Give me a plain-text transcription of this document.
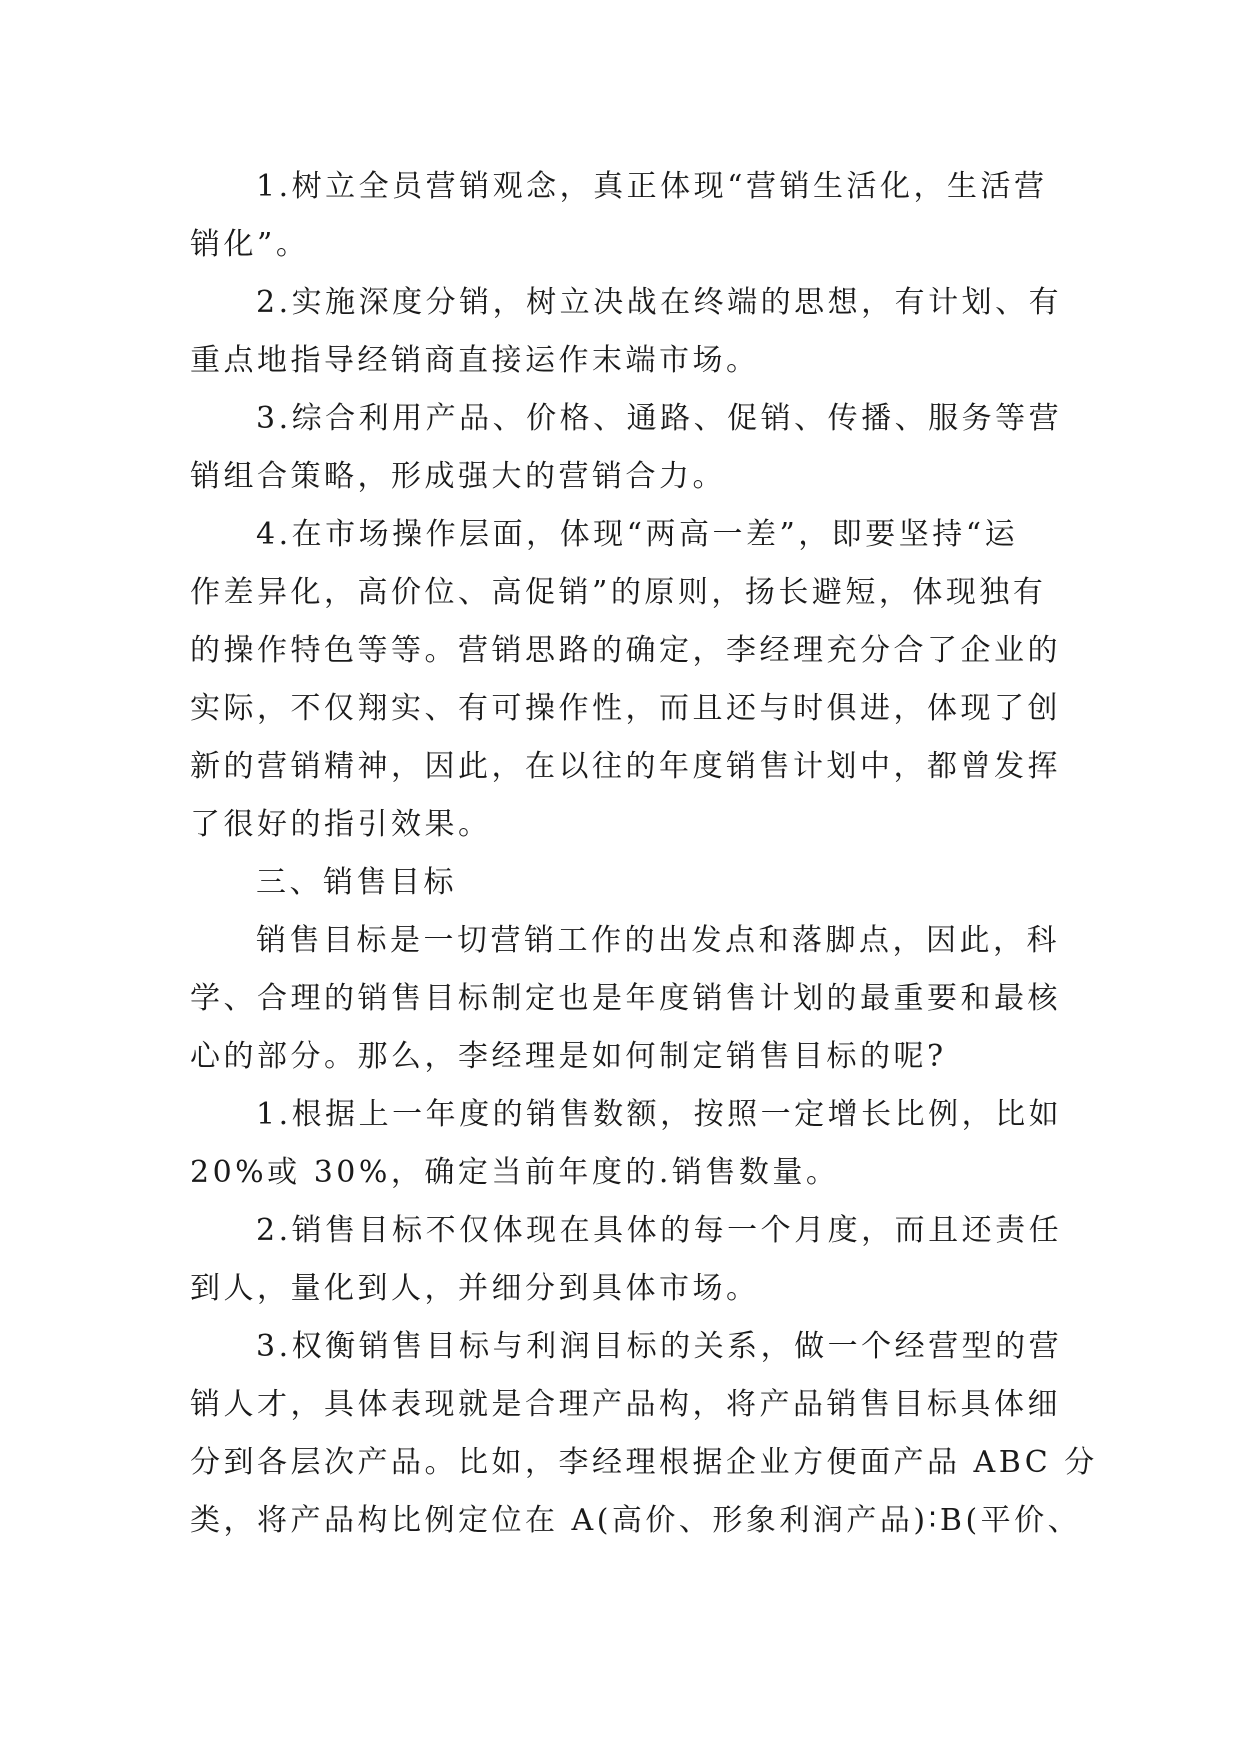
1.树立全员营销观念，真正体现“营销生活化，生活营
销化”。
2.实施深度分销，树立决战在终端的思想，有计划、有
重点地指导经销商直接运作末端市场。
3.综合利用产品、价格、通路、促销、传播、服务等营
销组合策略，形成强大的营销合力。
4.在市场操作层面，体现“两高一差”，即要坚持“运
作差异化，高价位、高促销”的原则，扬长避短，体现独有
的操作特色等等。营销思路的确定，李经理充分合了企业的
实际，不仅翔实、有可操作性，而且还与时俱进，体现了创
新的营销精神，因此，在以往的年度销售计划中，都曾发挥
了很好的指引效果。
三、销售目标
销售目标是一切营销工作的出发点和落脚点，因此，科
学、合理的销售目标制定也是年度销售计划的最重要和最核
心的部分。那么，李经理是如何制定销售目标的呢?
1.根据上一年度的销售数额，按照一定增长比例，比如
20%或 30%，确定当前年度的.销售数量。
2.销售目标不仅体现在具体的每一个月度，而且还责任
到人，量化到人，并细分到具体市场。
3.权衡销售目标与利润目标的关系，做一个经营型的营
销人才，具体表现就是合理产品构，将产品销售目标具体细
分到各层次产品。比如，李经理根据企业方便面产品 ABC 分
类，将产品构比例定位在 A(高价、形象利润产品)∶B(平价、
